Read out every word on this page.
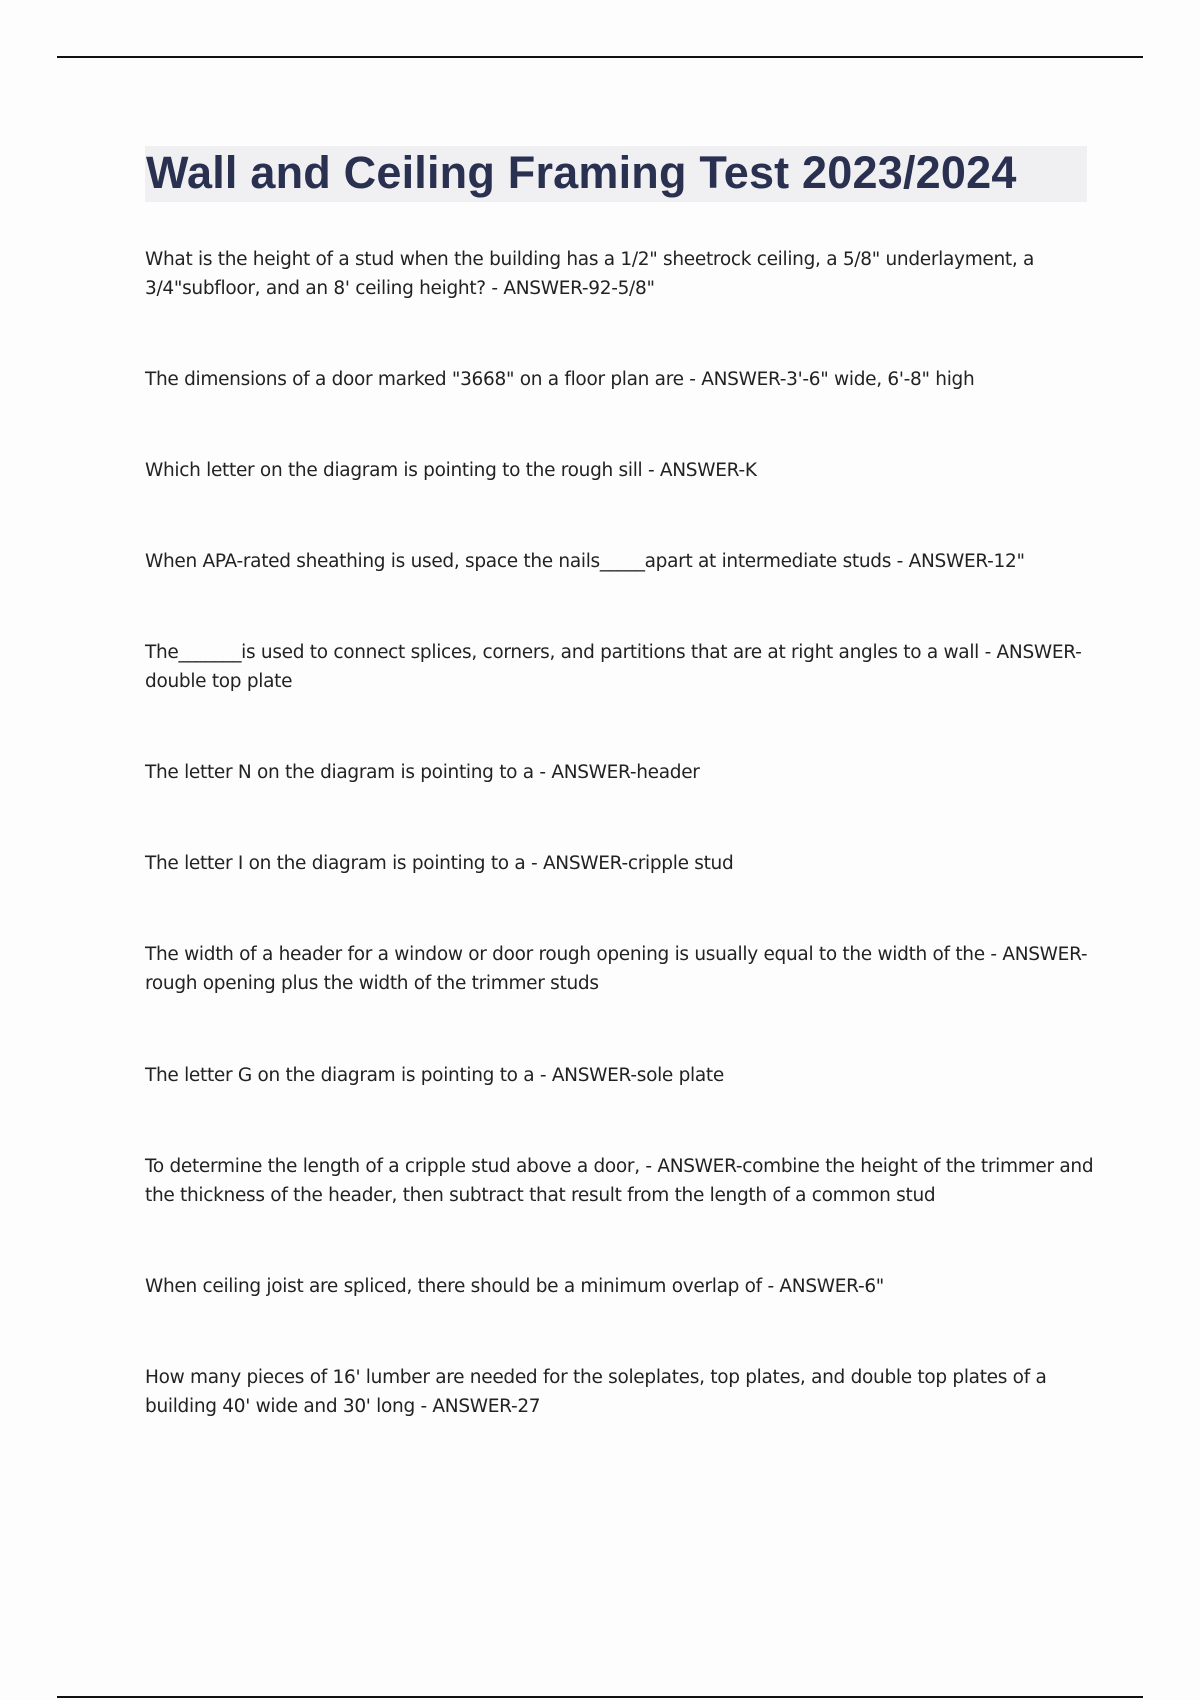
Wall and Ceiling Framing Test 2023/2024

What is the height of a stud when the building has a 1/2" sheetrock ceiling, a 5/8" underlayment, a 3/4"subfloor, and an 8' ceiling height? - ANSWER-92-5/8"

The dimensions of a door marked "3668" on a floor plan are - ANSWER-3'-6" wide, 6'-8" high

Which letter on the diagram is pointing to the rough sill - ANSWER-K

When APA-rated sheathing is used, space the nails_____apart at intermediate studs - ANSWER-12"

The_______is used to connect splices, corners, and partitions that are at right angles to a wall - ANSWER-double top plate

The letter N on the diagram is pointing to a - ANSWER-header

The letter I on the diagram is pointing to a - ANSWER-cripple stud

The width of a header for a window or door rough opening is usually equal to the width of the - ANSWER-rough opening plus the width of the trimmer studs

The letter G on the diagram is pointing to a - ANSWER-sole plate

To determine the length of a cripple stud above a door, - ANSWER-combine the height of the trimmer and the thickness of the header, then subtract that result from the length of a common stud

When ceiling joist are spliced, there should be a minimum overlap of - ANSWER-6"

How many pieces of 16' lumber are needed for the soleplates, top plates, and double top plates of a building 40' wide and 30' long - ANSWER-27
